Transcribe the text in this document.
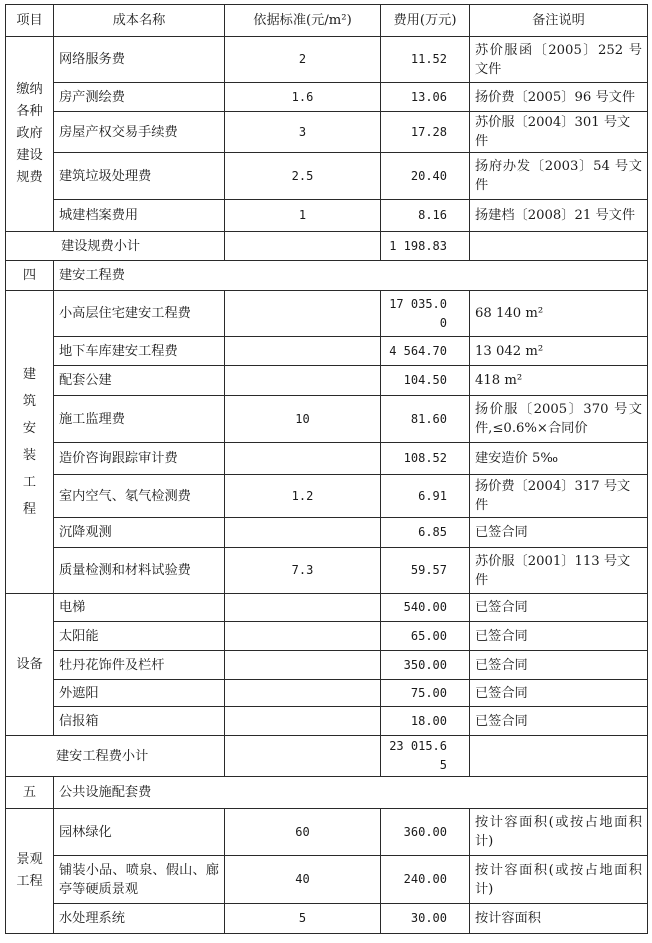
项目	成本名称	依据标准(元/m²)	费用(万元)	备注说明
缴纳各种政府建设规费	网络服务费	2	11.52	苏价服函〔2005〕252 号文件
	房产测绘费	1.6	13.06	扬价费〔2005〕96 号文件
	房屋产权交易手续费	3	17.28	苏价服〔2004〕301 号文件
	建筑垃圾处理费	2.5	20.40	扬府办发〔2003〕54 号文件
	城建档案费用	1	8.16	扬建档〔2008〕21 号文件
建设规费小计			1 198.83	
四	建安工程费			
建筑安装工程	小高层住宅建安工程费		17 035.00	68 140 m²
	地下车库建安工程费		4 564.70	13 042 m²
	配套公建		104.50	418 m²
	施工监理费	10	81.60	扬价服〔2005〕370 号文件,≤0.6%×合同价
	造价咨询跟踪审计费		108.52	建安造价 5‰
	室内空气、氡气检测费	1.2	6.91	扬价费〔2004〕317 号文件
	沉降观测		6.85	已签合同
	质量检测和材料试验费	7.3	59.57	苏价服〔2001〕113 号文件
设备	电梯		540.00	已签合同
	太阳能		65.00	已签合同
	牡丹花饰件及栏杆		350.00	已签合同
	外遮阳		75.00	已签合同
	信报箱		18.00	已签合同
建安工程费小计			23 015.65	
五	公共设施配套费			
景观工程	园林绿化	60	360.00	按计容面积(或按占地面积计)
	铺装小品、喷泉、假山、廊亭等硬质景观	40	240.00	按计容面积(或按占地面积计)
	水处理系统	5	30.00	按计容面积
